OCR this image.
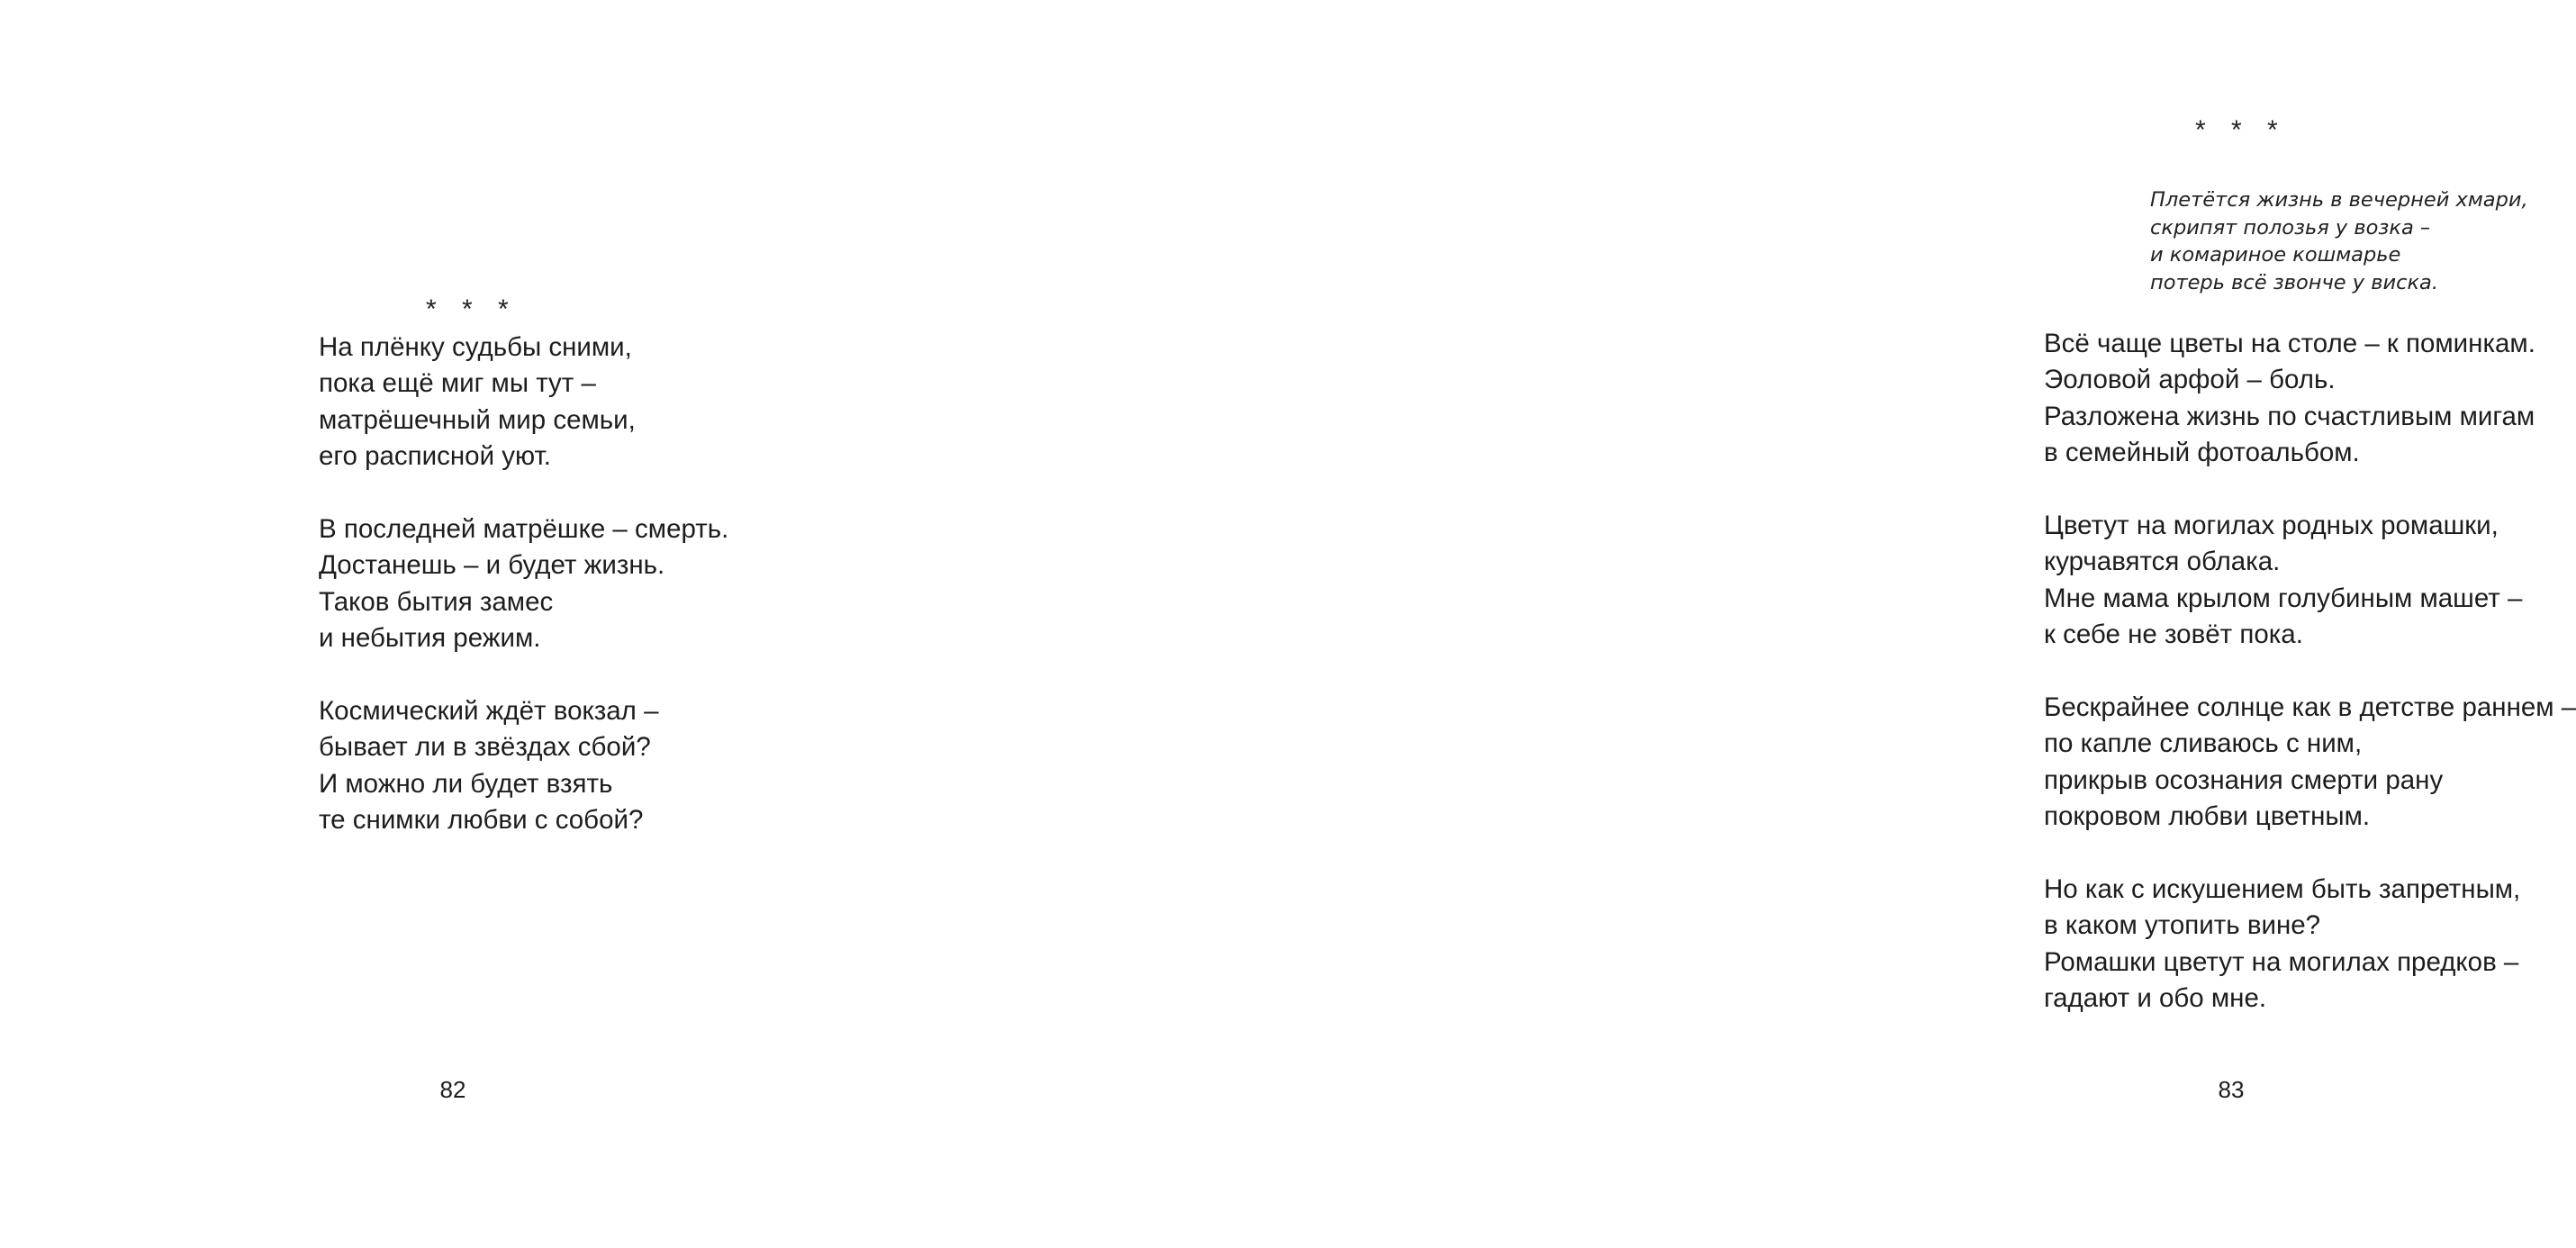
* * *
На плёнку судьбы сними,
пока ещё миг мы тут –
матрёшечный мир семьи,
его расписной уют.
В последней матрёшке – смерть.
Достанешь – и будет жизнь.
Таков бытия замес
и небытия режим.
Космический ждёт вокзал –
бывает ли в звёздах сбой?
И можно ли будет взять
те снимки любви с собой?
82
* * *
Плетётся жизнь в вечерней хмари,
скрипят полозья у возка –
и комариное кошмарье
потерь всё звонче у виска.
Всё чаще цветы на столе – к поминкам.
Эоловой арфой – боль.
Разложена жизнь по счастливым мигам
в семейный фотоальбом.
Цветут на могилах родных ромашки,
курчавятся облака.
Мне мама крылом голубиным машет –
к себе не зовёт пока.
Бескрайнее солнце как в детстве раннем –
по капле сливаюсь с ним,
прикрыв осознания смерти рану
покровом любви цветным.
Но как с искушением быть запретным,
в каком утопить вине?
Ромашки цветут на могилах предков –
гадают и обо мне.
83
